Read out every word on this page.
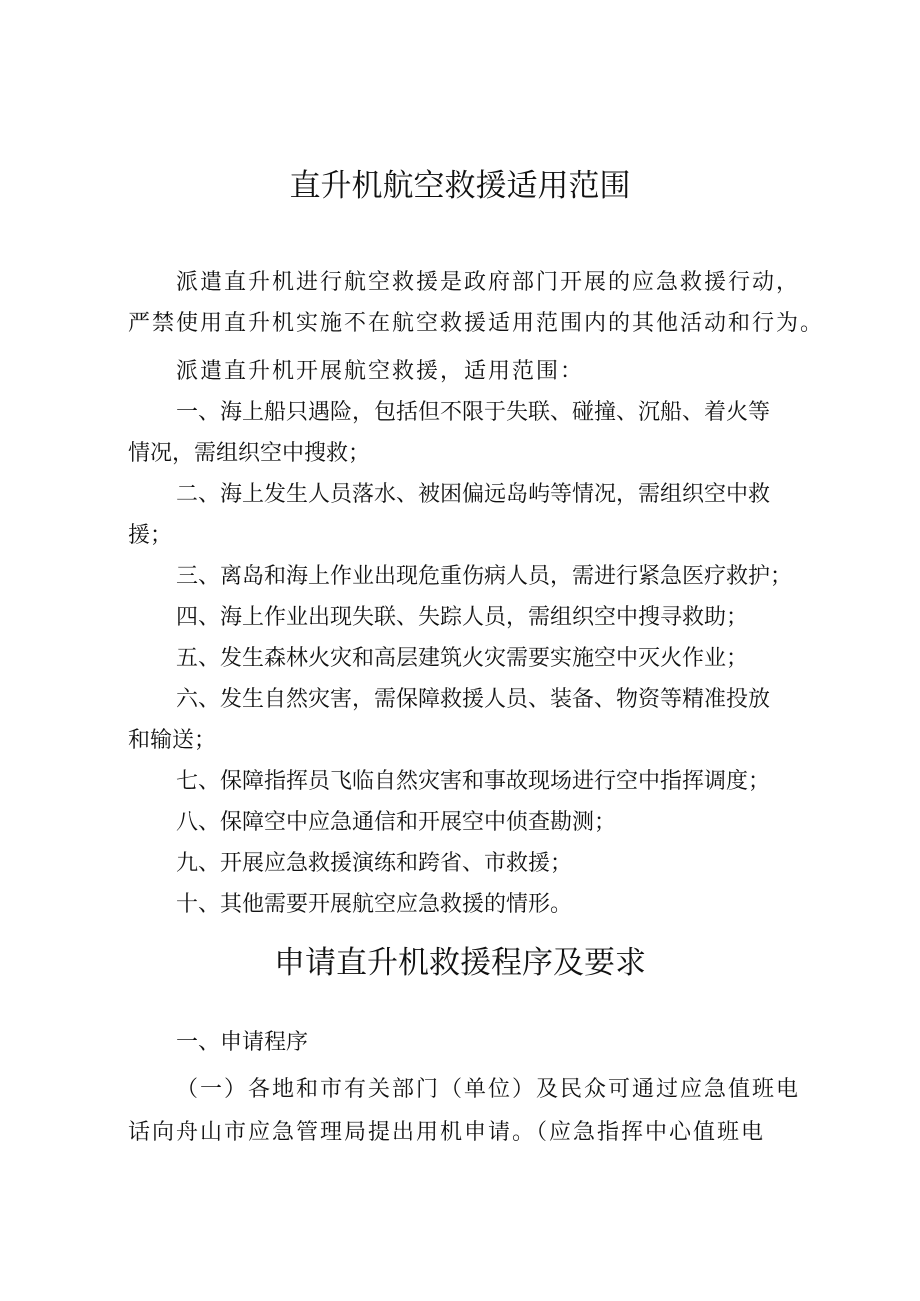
直升机航空救援适用范围

派遣直升机进行航空救援是政府部门开展的应急救援行动，

严禁使用直升机实施不在航空救援适用范围内的其他活动和行为。

派遣直升机开展航空救援，适用范围：

一、海上船只遇险，包括但不限于失联、碰撞、沉船、着火等

情况，需组织空中搜救；

二、海上发生人员落水、被困偏远岛屿等情况，需组织空中救

援；

三、离岛和海上作业出现危重伤病人员，需进行紧急医疗救护；

四、海上作业出现失联、失踪人员，需组织空中搜寻救助；

五、发生森林火灾和高层建筑火灾需要实施空中灭火作业；

六、发生自然灾害，需保障救援人员、装备、物资等精准投放

和输送；

七、保障指挥员飞临自然灾害和事故现场进行空中指挥调度；

八、保障空中应急通信和开展空中侦查勘测；

九、开展应急救援演练和跨省、市救援；

十、其他需要开展航空应急救援的情形。

申请直升机救援程序及要求

一、申请程序

（一）各地和市有关部门（单位）及民众可通过应急值班电

话向舟山市应急管理局提出用机申请。（应急指挥中心值班电
